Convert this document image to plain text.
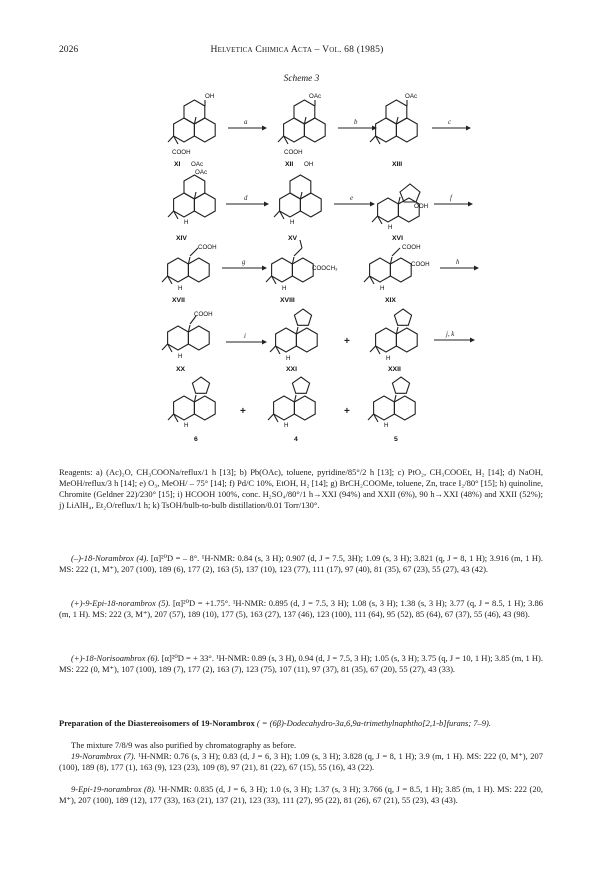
2026	Helvetica Chimica Acta – Vol. 68 (1985)
Scheme 3
OH
COOH
XI OAc
a
OAc
COOH
XII OH
b
OAc
XIII
c
OAc
H
XIV
d
H
XV
e
OOH
H
XVI
f
COOH
H
XVII
g
COOCH₃
H
XVIII
COOH
COOH
H
XIX
h
COOH
H
XX
i
H
XXI
+
H
XXII
j, k
H
6
+
H
4
+
H
5
Reagents: a) (Ac)₂O, CH₃COONa/reflux/1 h [13]; b) Pb(OAc), toluene, pyridine/85°/2 h [13]; c) PtO₂, CH₃COOEt, H₂ [14]; d) NaOH, MeOH/reflux/3 h [14]; e) O₃, MeOH/ – 75° [14]; f) Pd/C 10%, EtOH, H₂ [14]; g) BrCH₂COOMe, toluene, Zn, trace I₂/80° [15]; h) quinoline, Chromite (Geldner 22)/230° [15]; i) HCOOH 100%, conc. H₂SO₄/80°/1 h→XXI (94%) and XXII (6%), 90 h→XXI (48%) and XXII (52%); j) LiAlH₄, Et₂O/reflux/1 h; k) TsOH/bulb-to-bulb distillation/0.01 Torr/130°.

(–)-18-Norambrox (4). [α]²⁰D = – 8°. ¹H-NMR: 0.84 (s, 3 H); 0.907 (d, J = 7.5, 3H); 1.09 (s, 3 H); 3.821 (q, J = 8, 1 H); 3.916 (m, 1 H). MS: 222 (1, M⁺), 207 (100), 189 (6), 177 (2), 163 (5), 137 (10), 123 (77), 111 (17), 97 (40), 81 (35), 67 (23), 55 (27), 43 (42).

(+)-9-Epi-18-norambrox (5). [α]²⁰D = +1.75°. ¹H-NMR: 0.895 (d, J = 7.5, 3 H); 1.08 (s, 3 H); 1.38 (s, 3 H); 3.77 (q, J = 8.5, 1 H); 3.86 (m, 1 H). MS: 222 (3, M⁺), 207 (57), 189 (10), 177 (5), 163 (27), 137 (46), 123 (100), 111 (64), 95 (52), 85 (64), 67 (37), 55 (46), 43 (98).

(+)-18-Norisoambrox (6). [α]²⁰D = + 33°. ¹H-NMR: 0.89 (s, 3 H), 0.94 (d, J = 7.5, 3 H); 1.05 (s, 3 H); 3.75 (q, J = 10, 1 H); 3.85 (m, 1 H). MS: 222 (0, M⁺), 107 (100), 189 (7), 177 (2), 163 (7), 123 (75), 107 (11), 97 (37), 81 (35), 67 (20), 55 (27), 43 (33).

Preparation of the Diastereoisomers of 19-Norambrox ( = (6β)-Dodecahydro-3a,6,9a-trimethylnaphtho[2,1-b]furans; 7–9).

The mixture 7/8/9 was also purified by chromatography as before.

19-Norambrox (7). ¹H-NMR: 0.76 (s, 3 H); 0.83 (d, J = 6, 3 H); 1.09 (s, 3 H); 3.828 (q, J = 8, 1 H); 3.9 (m, 1 H). MS: 222 (0, M⁺), 207 (100), 189 (8), 177 (1), 163 (9), 123 (23), 109 (8), 97 (21), 81 (22), 67 (15), 55 (16), 43 (22).

9-Epi-19-norambrox (8). ¹H-NMR: 0.835 (d, J = 6, 3 H); 1.0 (s, 3 H); 1.37 (s, 3 H); 3.766 (q, J = 8.5, 1 H); 3.85 (m, 1 H). MS: 222 (20, M⁺), 207 (100), 189 (12), 177 (33), 163 (21), 137 (21), 123 (33), 111 (27), 95 (22), 81 (26), 67 (21), 55 (23), 43 (43).
